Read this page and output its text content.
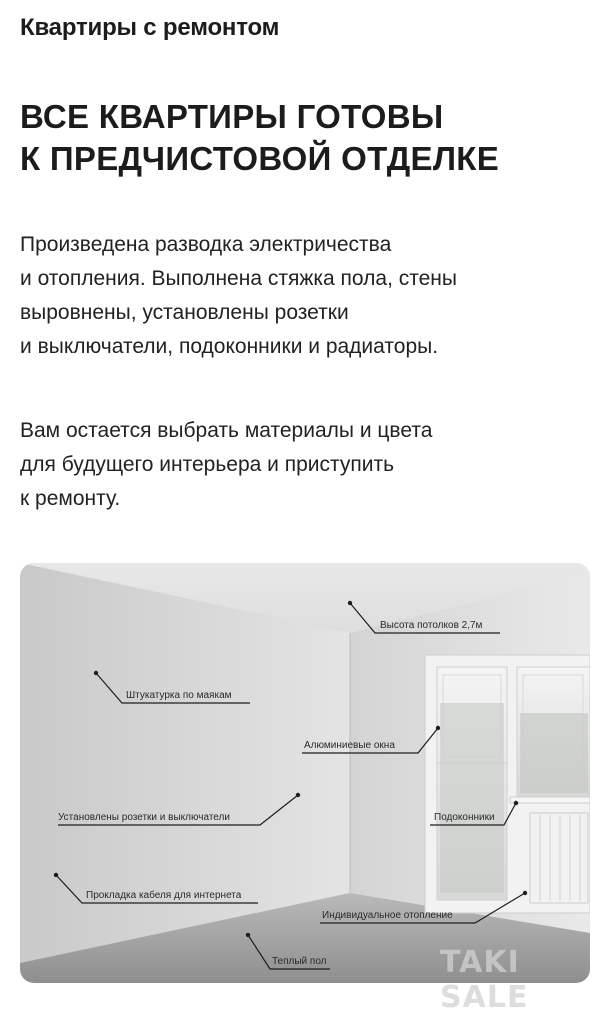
Квартиры с ремонтом
ВСЕ КВАРТИРЫ ГОТОВЫ
К ПРЕДЧИСТОВОЙ ОТДЕЛКЕ

Произведена разводка электричества
и отопления. Выполнена стяжка пола, стены
выровнены, установлены розетки
и выключатели, подоконники и радиаторы.

Вам остается выбрать материалы и цвета
для будущего интерьера и приступить
к ремонту.

Высота потолков 2,7м
Штукатурка по маякам
Алюминиевые окна
Установлены розетки и выключатели	Подоконники
Прокладка кабеля для интернета
Индивидуальное отопление
Теплый пол	TAKI SALE
